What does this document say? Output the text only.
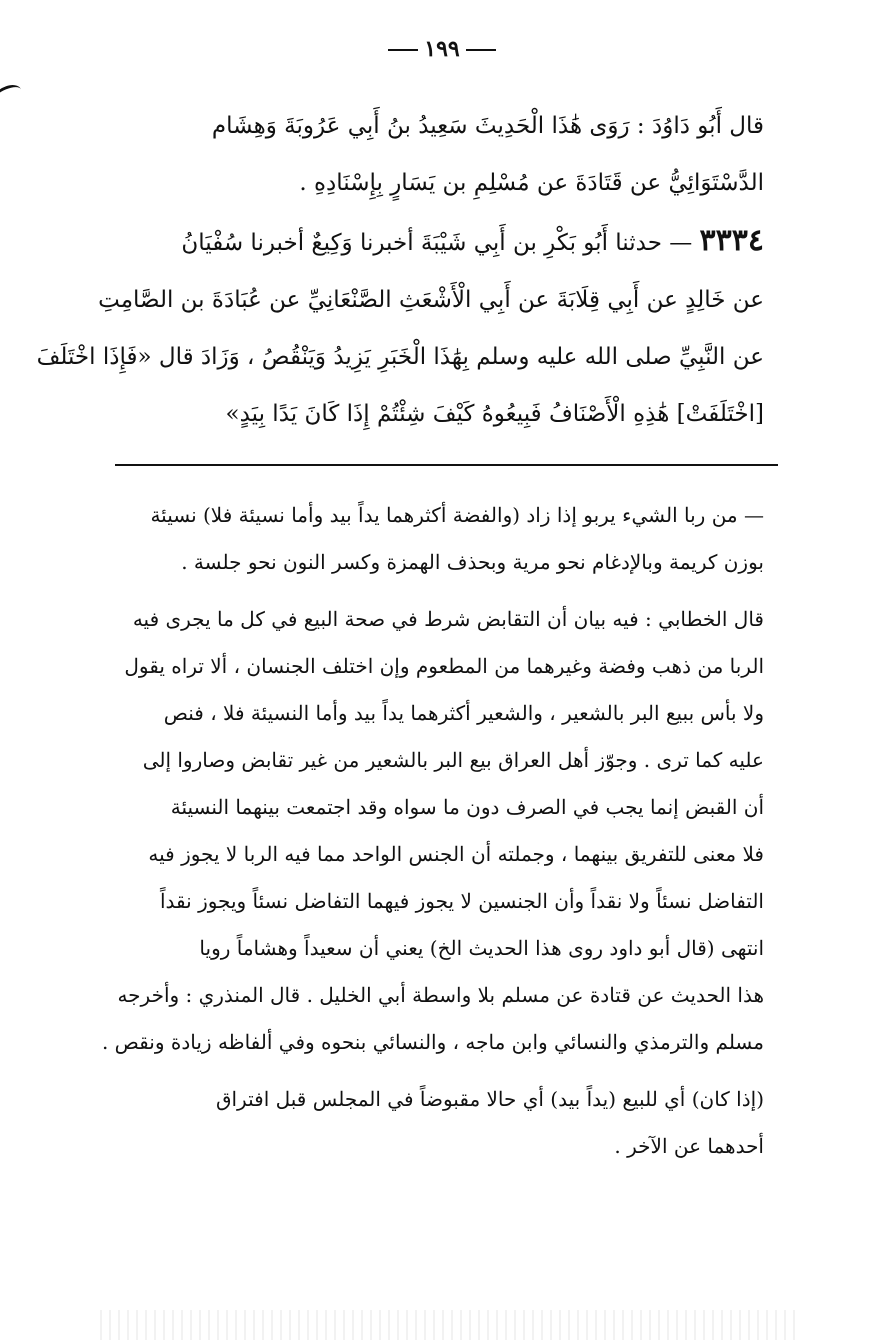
١٩٩
قال أَبُو دَاوُدَ : رَوَى هَٰذَا الْحَدِيثَ سَعِيدُ بنُ أَبِي عَرُوبَةَ وَهِشَام
الدَّسْتَوَائِيُّ عن قَتَادَةَ عن مُسْلِمِ بن يَسَارٍ بِإِسْنَادِهِ .
٣٣٣٤ — حدثنا أَبُو بَكْرِ بن أَبِي شَيْبَةَ أخبرنا وَكِيعٌ أخبرنا سُفْيَانُ
عن خَالِدٍ عن أَبِي قِلَابَةَ عن أَبِي الْأَشْعَثِ الصَّنْعَانِيِّ عن عُبَادَةَ بن الصَّامِتِ
عن النَّبِيِّ صلى الله عليه وسلم بِهَٰذَا الْخَبَرِ يَزِيدُ وَيَنْقُصُ ، وَزَادَ قال «فَإِذَا اخْتَلَفَ
[اخْتَلَفَتْ] هَٰذِهِ الْأَصْنَافُ فَبِيعُوهُ كَيْفَ شِئْتُمْ إِذَا كَانَ يَدًا بِيَدٍ»
— من ربا الشيء يربو إذا زاد (والفضة أكثرهما يداً بيد وأما نسيئة فلا) نسيئة
بوزن كريمة وبالإدغام نحو مرية وبحذف الهمزة وكسر النون نحو جلسة .
قال الخطابي : فيه بيان أن التقابض شرط في صحة البيع في كل ما يجرى فيه
الربا من ذهب وفضة وغيرهما من المطعوم وإن اختلف الجنسان ، ألا تراه يقول
ولا بأس ببيع البر بالشعير ، والشعير أكثرهما يداً بيد وأما النسيئة فلا ، فنص
عليه كما ترى . وجوّز أهل العراق بيع البر بالشعير من غير تقابض وصاروا إلى
أن القبض إنما يجب في الصرف دون ما سواه وقد اجتمعت بينهما النسيئة
فلا معنى للتفريق بينهما ، وجملته أن الجنس الواحد مما فيه الربا لا يجوز فيه
التفاضل نسئاً ولا نقداً وأن الجنسين لا يجوز فيهما التفاضل نسئاً ويجوز نقداً
انتهى (قال أبو داود روى هذا الحديث الخ) يعني أن سعيداً وهشاماً رويا
هذا الحديث عن قتادة عن مسلم بلا واسطة أبي الخليل . قال المنذري : وأخرجه
مسلم والترمذي والنسائي وابن ماجه ، والنسائي بنحوه وفي ألفاظه زيادة ونقص .
(إذا كان) أي للبيع (يداً بيد) أي حالا مقبوضاً في المجلس قبل افتراق
أحدهما عن الآخر .
